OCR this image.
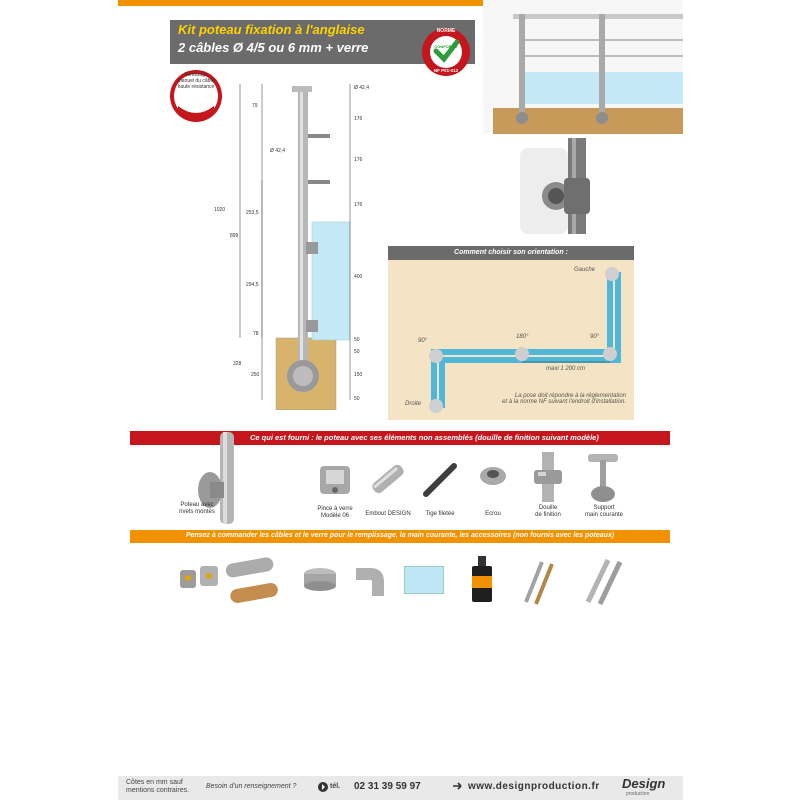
Kit poteau fixation à l'anglaise
2 câbles Ø 4/5 ou 6 mm + verre
NORME
CONFORME
NF P01-012
Sertissage
manuel du câble
haute résistance
8 à 18 kN
Ø 42,4
Ø 42,4
176
176
176
400
50
50
150
50
79
1020
899
253,5
294,5
78
328
250
Comment choisir son orientation :
Gauche
Droite
90°
180°	90°
maxi 1 200 cm
La pose doit répondre à la réglementation
et à la norme NF suivant l'endroit d'installation.
Ce qui est fourni : le poteau avec ses éléments non assemblés (douille de finition suivant modèle)
Poteau avec
rivets montés	Pince à verre
Modèle 06	Embout DESIGN	Tige filetée	Ecrou
Douille
de finition
Support
main courante
Pensez à commander les câbles et le verre pour le remplissage, la main courante, les accessoires (non fournis avec les poteaux)
Côtes en mm sauf
mentions contraires.
Besoin d'un renseignement ?	tél. 02 31 39 59 97	www.designproduction.fr Design
production
